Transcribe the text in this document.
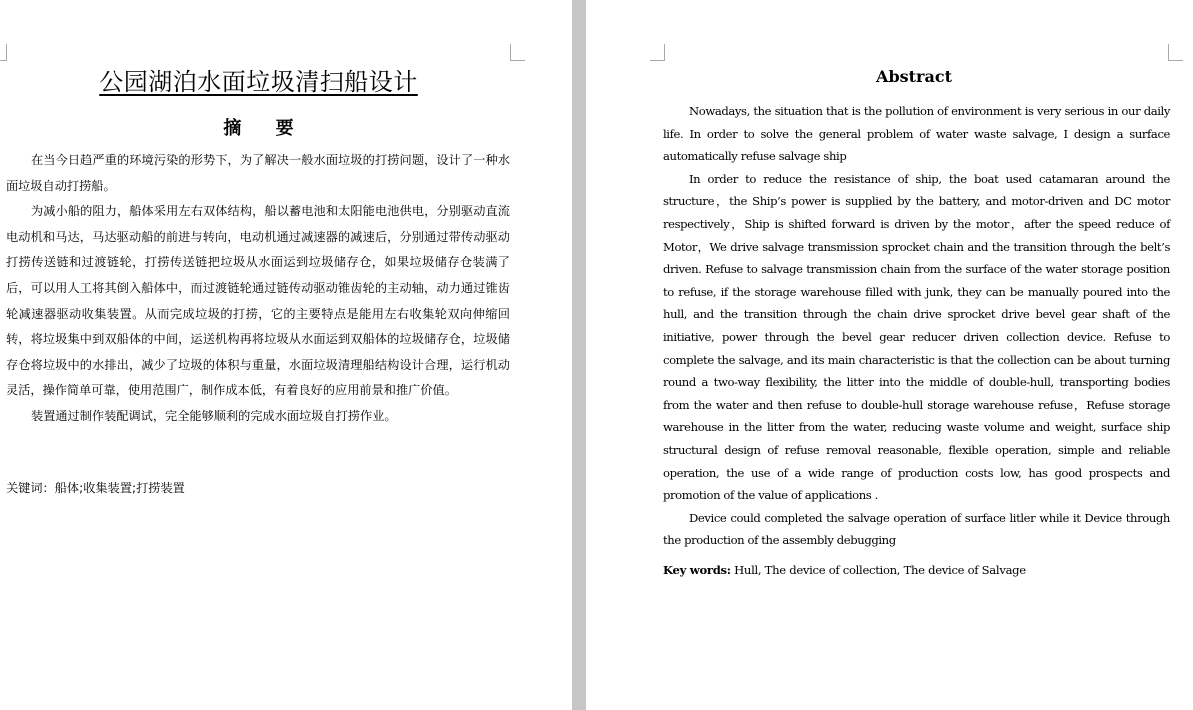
公园湖泊水面垃圾清扫船设计
摘 要

在当今日趋严重的环境污染的形势下，为了解决一般水面垃圾的打捞问题，设计了一种水面垃圾自动打捞船。

为减小船的阻力，船体采用左右双体结构，船以蓄电池和太阳能电池供电，分别驱动直流电动机和马达，马达驱动船的前进与转向，电动机通过减速器的减速后，分别通过带传动驱动打捞传送链和过渡链轮，打捞传送链把垃圾从水面运到垃圾储存仓，如果垃圾储存仓装满了后，可以用人工将其倒入船体中，而过渡链轮通过链传动驱动锥齿轮的主动轴，动力通过锥齿轮减速器驱动收集装置。从而完成垃圾的打捞，它的主要特点是能用左右收集轮双向伸缩回转，将垃圾集中到双船体的中间，运送机构再将垃圾从水面运到双船体的垃圾储存仓，垃圾储存仓将垃圾中的水排出，减少了垃圾的体积与重量，水面垃圾清理船结构设计合理，运行机动灵活，操作简单可靠，使用范围广，制作成本低，有着良好的应用前景和推广价值。

装置通过制作装配调试，完全能够顺利的完成水面垃圾自打捞作业。

关键词：船体;收集装置;打捞装置
Abstract

Nowadays, the situation that is the pollution of environment is very serious in our daily life. In order to solve the general problem of water waste salvage, I design a surface automatically refuse salvage ship

In order to reduce the resistance of ship, the boat used catamaran around the structure，the Ship’s power is supplied by the battery, and motor-driven and DC motor respectively，Ship is shifted forward is driven by the motor，after the speed reduce of Motor，We drive salvage transmission sprocket chain and the transition through the belt’s driven. Refuse to salvage transmission chain from the surface of the water storage position to refuse, if the storage warehouse filled with junk, they can be manually poured into the hull, and the transition through the chain drive sprocket drive bevel gear shaft of the initiative, power through the bevel gear reducer driven collection device. Refuse to complete the salvage, and its main characteristic is that the collection can be about turning round a two-way flexibility, the litter into the middle of double-hull, transporting bodies from the water and then refuse to double-hull storage warehouse refuse，Refuse storage warehouse in the litter from the water, reducing waste volume and weight, surface ship structural design of refuse removal reasonable, flexible operation, simple and reliable operation, the use of a wide range of production costs low, has good prospects and promotion of the value of applications .

Device could completed the salvage operation of surface litler while it Device through the production of the assembly debugging

Key words: Hull, The device of collection, The device of Salvage
